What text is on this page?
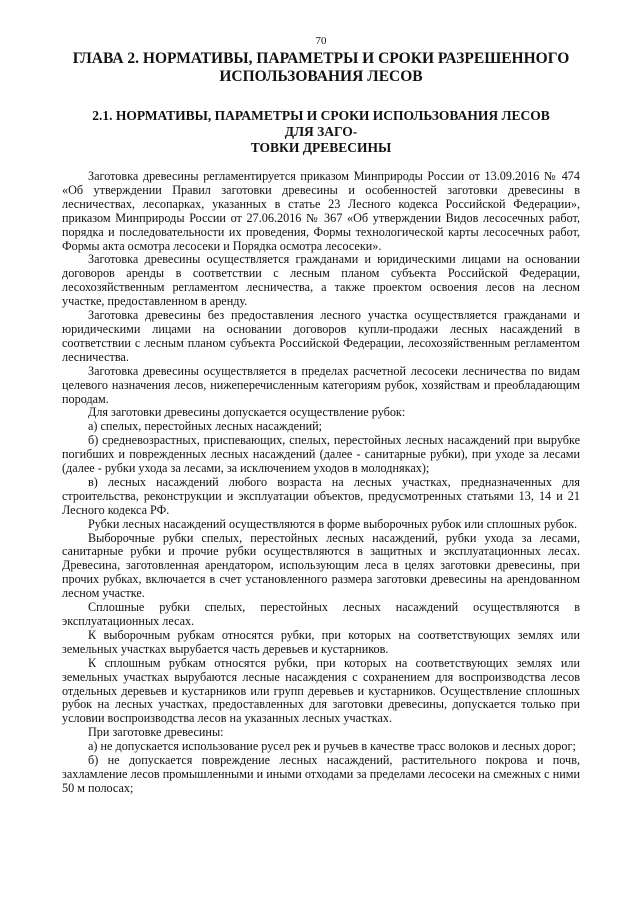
70
ГЛАВА 2. НОРМАТИВЫ, ПАРАМЕТРЫ И СРОКИ РАЗРЕШЕННОГО
ИСПОЛЬЗОВАНИЯ ЛЕСОВ
2.1. НОРМАТИВЫ, ПАРАМЕТРЫ И СРОКИ ИСПОЛЬЗОВАНИЯ ЛЕСОВ ДЛЯ ЗАГО-
ТОВКИ ДРЕВЕСИНЫ

Заготовка древесины регламентируется приказом Минприроды России от 13.09.2016 № 474 «Об утверждении Правил заготовки древесины и особенностей заготовки древесины в лесничествах, лесопарках, указанных в статье 23 Лесного кодекса Российской Федерации», приказом Минприроды России от 27.06.2016 № 367 «Об утверждении Видов лесосечных работ, порядка и последовательности их проведения, Формы технологической карты лесосечных работ, Формы акта осмотра лесосеки и Порядка осмотра лесосеки».

Заготовка древесины осуществляется гражданами и юридическими лицами на основании договоров аренды в соответствии с лесным планом субъекта Российской Федерации, лесохозяйственным регламентом лесничества, а также проектом освоения лесов на лесном участке, предоставленном в аренду.

Заготовка древесины без предоставления лесного участка осуществляется гражданами и юридическими лицами на основании договоров купли-продажи лесных насаждений в соответствии с лесным планом субъекта Российской Федерации, лесохозяйственным регламентом лесничества.

Заготовка древесины осуществляется в пределах расчетной лесосеки лесничества по видам целевого назначения лесов, нижеперечисленным категориям рубок, хозяйствам и преобладающим породам.

Для заготовки древесины допускается осуществление рубок:

а) спелых, перестойных лесных насаждений;

б) средневозрастных, приспевающих, спелых, перестойных лесных насаждений при вырубке погибших и поврежденных лесных насаждений (далее - санитарные рубки), при уходе за лесами (далее - рубки ухода за лесами, за исключением уходов в молодняках);

в) лесных насаждений любого возраста на лесных участках, предназначенных для строительства, реконструкции и эксплуатации объектов, предусмотренных статьями 13, 14 и 21 Лесного кодекса РФ.

Рубки лесных насаждений осуществляются в форме выборочных рубок или сплошных рубок.

Выборочные рубки спелых, перестойных лесных насаждений, рубки ухода за лесами, санитарные рубки и прочие рубки осуществляются в защитных и эксплуатационных лесах. Древесина, заготовленная арендатором, использующим леса в целях заготовки древесины, при прочих рубках, включается в счет установленного размера заготовки древесины на арендованном лесном участке.

Сплошные рубки спелых, перестойных лесных насаждений осуществляются в эксплуатационных лесах.

К выборочным рубкам относятся рубки, при которых на соответствующих землях или земельных участках вырубается часть деревьев и кустарников.

К сплошным рубкам относятся рубки, при которых на соответствующих землях или земельных участках вырубаются лесные насаждения с сохранением для воспроизводства лесов отдельных деревьев и кустарников или групп деревьев и кустарников. Осуществление сплошных рубок на лесных участках, предоставленных для заготовки древесины, допускается только при условии воспроизводства лесов на указанных лесных участках.

При заготовке древесины:

а) не допускается использование русел рек и ручьев в качестве трасс волоков и лесных дорог;

б) не допускается повреждение лесных насаждений, растительного покрова и почв, захламление лесов промышленными и иными отходами за пределами лесосеки на смежных с ними 50 м полосах;
